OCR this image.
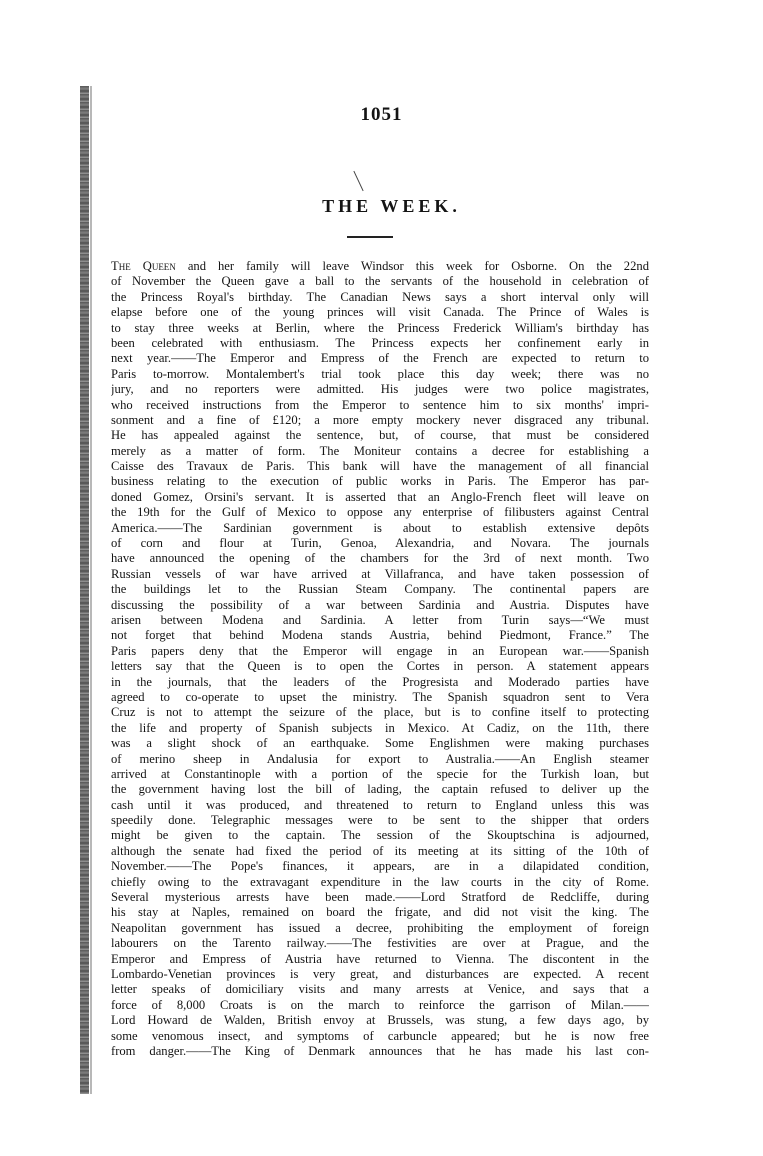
1051
THE WEEK.
The Queen and her family will leave Windsor this week for Osborne. On the 22nd
of November the Queen gave a ball to the servants of the household in celebration of
the Princess Royal's birthday. The Canadian News says a short interval only will
elapse before one of the young princes will visit Canada. The Prince of Wales is
to stay three weeks at Berlin, where the Princess Frederick William's birthday has
been celebrated with enthusiasm. The Princess expects her confinement early in
next year.——The Emperor and Empress of the French are expected to return to
Paris to-morrow. Montalembert's trial took place this day week; there was no
jury, and no reporters were admitted. His judges were two police magistrates,
who received instructions from the Emperor to sentence him to six months' impri-
sonment and a fine of £120; a more empty mockery never disgraced any tribunal.
He has appealed against the sentence, but, of course, that must be considered
merely as a matter of form. The Moniteur contains a decree for establishing a
Caisse des Travaux de Paris. This bank will have the management of all financial
business relating to the execution of public works in Paris. The Emperor has par-
doned Gomez, Orsini's servant. It is asserted that an Anglo-French fleet will leave on
the 19th for the Gulf of Mexico to oppose any enterprise of filibusters against Central
America.——The Sardinian government is about to establish extensive depôts
of corn and flour at Turin, Genoa, Alexandria, and Novara. The journals
have announced the opening of the chambers for the 3rd of next month. Two
Russian vessels of war have arrived at Villafranca, and have taken possession of
the buildings let to the Russian Steam Company. The continental papers are
discussing the possibility of a war between Sardinia and Austria. Disputes have
arisen between Modena and Sardinia. A letter from Turin says—“We must
not forget that behind Modena stands Austria, behind Piedmont, France.” The
Paris papers deny that the Emperor will engage in an European war.——Spanish
letters say that the Queen is to open the Cortes in person. A statement appears
in the journals, that the leaders of the Progresista and Moderado parties have
agreed to co-operate to upset the ministry. The Spanish squadron sent to Vera
Cruz is not to attempt the seizure of the place, but is to confine itself to protecting
the life and property of Spanish subjects in Mexico. At Cadiz, on the 11th, there
was a slight shock of an earthquake. Some Englishmen were making purchases
of merino sheep in Andalusia for export to Australia.——An English steamer
arrived at Constantinople with a portion of the specie for the Turkish loan, but
the government having lost the bill of lading, the captain refused to deliver up the
cash until it was produced, and threatened to return to England unless this was
speedily done. Telegraphic messages were to be sent to the shipper that orders
might be given to the captain. The session of the Skouptschina is adjourned,
although the senate had fixed the period of its meeting at its sitting of the 10th of
November.——The Pope's finances, it appears, are in a dilapidated condition,
chiefly owing to the extravagant expenditure in the law courts in the city of Rome.
Several mysterious arrests have been made.——Lord Stratford de Redcliffe, during
his stay at Naples, remained on board the frigate, and did not visit the king. The
Neapolitan government has issued a decree, prohibiting the employment of foreign
labourers on the Tarento railway.——The festivities are over at Prague, and the
Emperor and Empress of Austria have returned to Vienna. The discontent in the
Lombardo-Venetian provinces is very great, and disturbances are expected. A recent
letter speaks of domiciliary visits and many arrests at Venice, and says that a
force of 8,000 Croats is on the march to reinforce the garrison of Milan.——
Lord Howard de Walden, British envoy at Brussels, was stung, a few days ago, by
some venomous insect, and symptoms of carbuncle appeared; but he is now free
from danger.——The King of Denmark announces that he has made his last con-
